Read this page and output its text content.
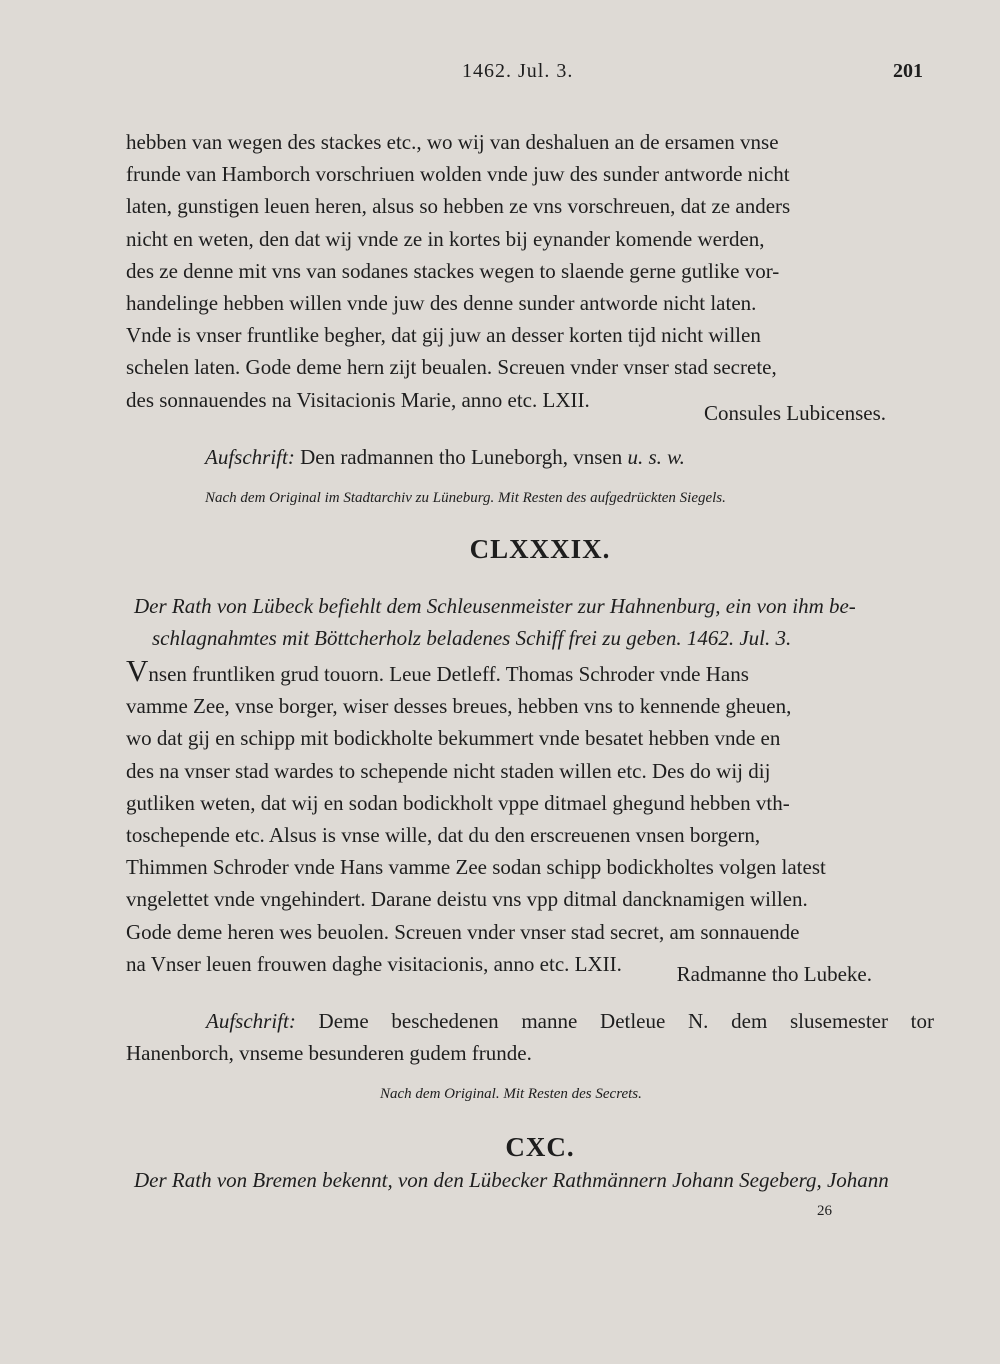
1462. Jul. 3.	201

hebben van wegen des stackes etc., wo wij van deshaluen an de ersamen vnse

frunde van Hamborch vorschriuen wolden vnde juw des sunder antworde nicht

laten, gunstigen leuen heren, alsus so hebben ze vns vorschreuen, dat ze anders

nicht en weten, den dat wij vnde ze in kortes bij eynander komende werden,

des ze denne mit vns van sodanes stackes wegen to slaende gerne gutlike vor-

handelinge hebben willen vnde juw des denne sunder antworde nicht laten.

Vnde is vnser fruntlike begher, dat gij juw an desser korten tijd nicht willen

schelen laten. Gode deme hern zijt beualen. Screuen vnder vnser stad secrete,

des sonnauendes na Visitacionis Marie, anno etc. LXII.

Consules Lubicenses.
Aufschrift: Den radmannen tho Luneborgh, vnsen u. s. w.
Nach dem Original im Stadtarchiv zu Lüneburg. Mit Resten des aufgedrückten Siegels.
CLXXXIX.
Der Rath von Lübeck befiehlt dem Schleusenmeister zur Hahnenburg, ein von ihm be-
schlagnahmtes mit Böttcherholz beladenes Schiff frei zu geben. 1462. Jul. 3.

Vnsen fruntliken grud touorn. Leue Detleff. Thomas Schroder vnde Hans

vamme Zee, vnse borger, wiser desses breues, hebben vns to kennende gheuen,

wo dat gij en schipp mit bodickholte bekummert vnde besatet hebben vnde en

des na vnser stad wardes to schepende nicht staden willen etc. Des do wij dij

gutliken weten, dat wij en sodan bodickholt vppe ditmael ghegund hebben vth-

toschepende etc. Alsus is vnse wille, dat du den erscreuenen vnsen borgern,

Thimmen Schroder vnde Hans vamme Zee sodan schipp bodickholtes volgen latest

vngelettet vnde vngehindert. Darane deistu vns vpp ditmal dancknamigen willen.

Gode deme heren wes beuolen. Screuen vnder vnser stad secret, am sonnauende

na Vnser leuen frouwen daghe visitacionis, anno etc. LXII.	Radmanne tho Lubeke.
Aufschrift: Deme beschedenen manne Detleue N. dem slusemester tor
Hanenborch, vnseme besunderen gudem frunde.
Nach dem Original. Mit Resten des Secrets.
CXC.
Der Rath von Bremen bekennt, von den Lübecker Rathmännern Johann Segeberg, Johann
26
